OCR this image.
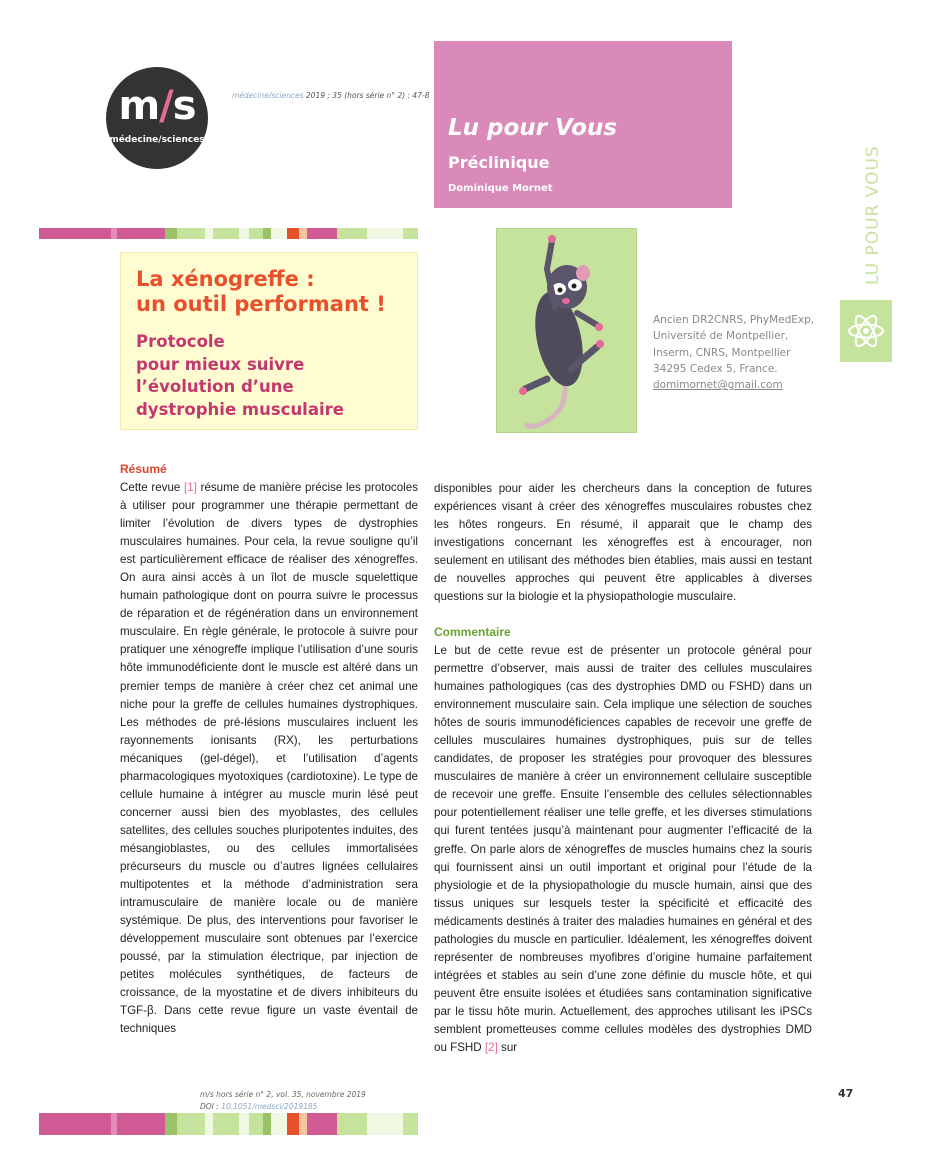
m/s
médecine/sciences
médecine/sciences 2019 ; 35 (hors série n° 2) : 47-8
Lu pour Vous
Préclinique
Dominique Mornet	LU POUR VOUS
La xénogreffe :
un outil performant !
Protocole
pour mieux suivre
l’évolution d’une
dystrophie musculaire
Ancien DR2CNRS, PhyMedExp,
Université de Montpellier,
Inserm, CNRS, Montpellier
34295 Cedex 5, France.
domimornet@gmail.com
Résumé

Cette revue [1] résume de manière précise les protocoles à utiliser pour programmer une thérapie permettant de limiter l’évolution de divers types de dystrophies musculaires humaines. Pour cela, la revue souligne qu’il est particulièrement efficace de réaliser des xénogreffes. On aura ainsi accès à un îlot de muscle squelettique humain pathologique dont on pourra suivre le processus de réparation et de régénération dans un environnement musculaire. En règle générale, le protocole à suivre pour pratiquer une xénogreffe implique l’utilisation d’une souris hôte immunodéficiente dont le muscle est altéré dans un premier temps de manière à créer chez cet animal une niche pour la greffe de cellules humaines dystrophiques. Les méthodes de pré-lésions musculaires incluent les rayonnements ionisants (RX), les perturbations mécaniques (gel-dégel), et l’utilisation d’agents pharmacologiques myotoxiques (cardiotoxine). Le type de cellule humaine à intégrer au muscle murin lésé peut concerner aussi bien des myoblastes, des cellules satellites, des cellules souches pluripotentes induites, des mésangioblastes, ou des cellules immortalisées précurseurs du muscle ou d’autres lignées cellulaires multipotentes et la méthode d’administration sera intramusculaire de manière locale ou de manière systémique. De plus, des interventions pour favoriser le développement musculaire sont obtenues par l’exercice poussé, par la stimulation électrique, par injection de petites molécules synthétiques, de facteurs de croissance, de la myostatine et de divers inhibiteurs du TGF-β. Dans cette revue figure un vaste éventail de techniques

disponibles pour aider les chercheurs dans la conception de futures expériences visant à créer des xénogreffes musculaires robustes chez les hôtes rongeurs. En résumé, il apparait que le champ des investigations concernant les xénogreffes est à encourager, non seulement en utilisant des méthodes bien établies, mais aussi en testant de nouvelles approches qui peuvent être applicables à diverses questions sur la biologie et la physiopathologie musculaire.

Commentaire

Le but de cette revue est de présenter un protocole général pour permettre d’observer, mais aussi de traiter des cellules musculaires humaines pathologiques (cas des dystrophies DMD ou FSHD) dans un environnement musculaire sain. Cela implique une sélection de souches hôtes de souris immunodéficiences capables de recevoir une greffe de cellules musculaires humaines dystrophiques, puis sur de telles candidates, de proposer les stratégies pour provoquer des blessures musculaires de manière à créer un environnement cellulaire susceptible de recevoir une greffe. Ensuite l’ensemble des cellules sélectionnables pour potentiellement réaliser une telle greffe, et les diverses stimulations qui furent tentées jusqu’à maintenant pour augmenter l’efficacité de la greffe. On parle alors de xénogreffes de muscles humains chez la souris qui fournissent ainsi un outil important et original pour l’étude de la physiologie et de la physiopathologie du muscle humain, ainsi que des tissus uniques sur lesquels tester la spécificité et efficacité des médicaments destinés à traiter des maladies humaines en général et des pathologies du muscle en particulier. Idéalement, les xénogreffes doivent représenter de nombreuses myofibres d’origine humaine parfaitement intégrées et stables au sein d’une zone définie du muscle hôte, et qui peuvent être ensuite isolées et étudiées sans contamination significative par le tissu hôte murin. Actuellement, des approches utilisant les iPSCs semblent prometteuses comme cellules modèles des dystrophies DMD ou FSHD [2] sur

m/s hors série n° 2, vol. 35, novembre 2019
DOI : 10.1051/medsci/2019185
47
